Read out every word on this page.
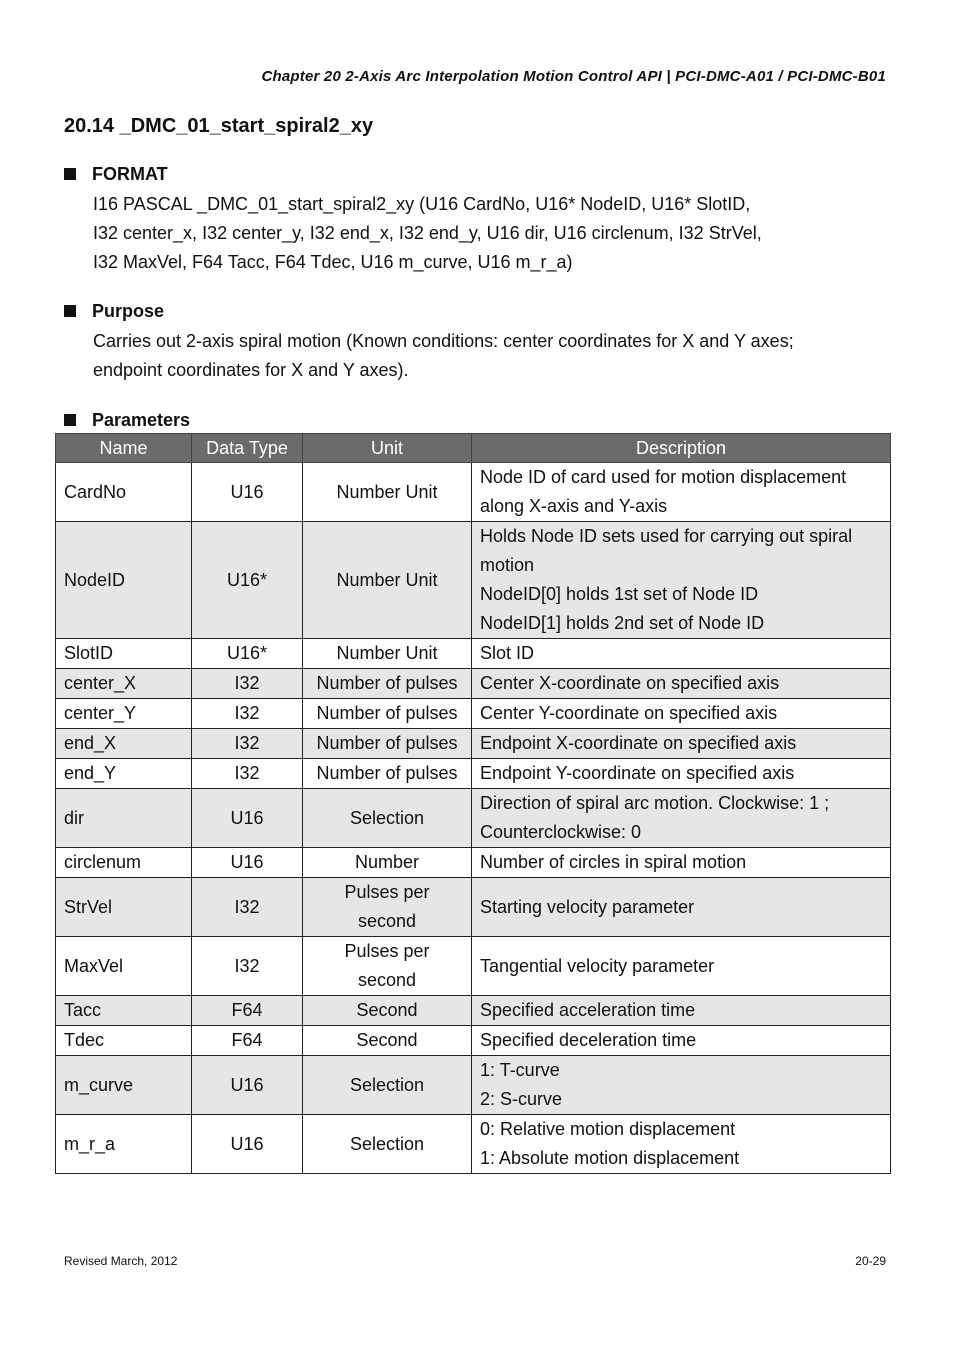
Chapter 20 2-Axis Arc Interpolation Motion Control API | PCI-DMC-A01 / PCI-DMC-B01
20.14 _DMC_01_start_spiral2_xy
FORMAT
I16 PASCAL _DMC_01_start_spiral2_xy (U16 CardNo, U16* NodeID, U16* SlotID,
I32 center_x, I32 center_y, I32 end_x, I32 end_y, U16 dir, U16 circlenum, I32 StrVel,
I32 MaxVel, F64 Tacc, F64 Tdec, U16 m_curve, U16 m_r_a)
Purpose
Carries out 2-axis spiral motion (Known conditions: center coordinates for X and Y axes;
endpoint coordinates for X and Y axes).
Parameters
Name	Data Type	Unit	Description
CardNo	U16	Number Unit	Node ID of card used for motion displacement
along X-axis and Y-axis

NodeID	U16*	Number Unit	Holds Node ID sets used for carrying out spiral
motion
NodeID[0] holds 1st set of Node ID
NodeID[1] holds 2nd set of Node ID

SlotID	U16*	Number Unit	Slot ID

center_X	I32	Number of pulses	Center X-coordinate on specified axis

center_Y	I32	Number of pulses	Center Y-coordinate on specified axis

end_X	I32	Number of pulses	Endpoint X-coordinate on specified axis

end_Y	I32	Number of pulses	Endpoint Y-coordinate on specified axis

dir	U16	Selection	Direction of spiral arc motion. Clockwise: 1 ;
Counterclockwise: 0

circlenum	U16	Number	Number of circles in spiral motion

StrVel	I32	Pulses per
second	Starting velocity parameter

MaxVel	I32	Pulses per
second	Tangential velocity parameter

Tacc	F64	Second	Specified acceleration time

Tdec	F64	Second	Specified deceleration time

m_curve	U16	Selection	1: T-curve
2: S-curve

m_r_a	U16	Selection	0: Relative motion displacement
1: Absolute motion displacement
Revised March, 2012	20-29
